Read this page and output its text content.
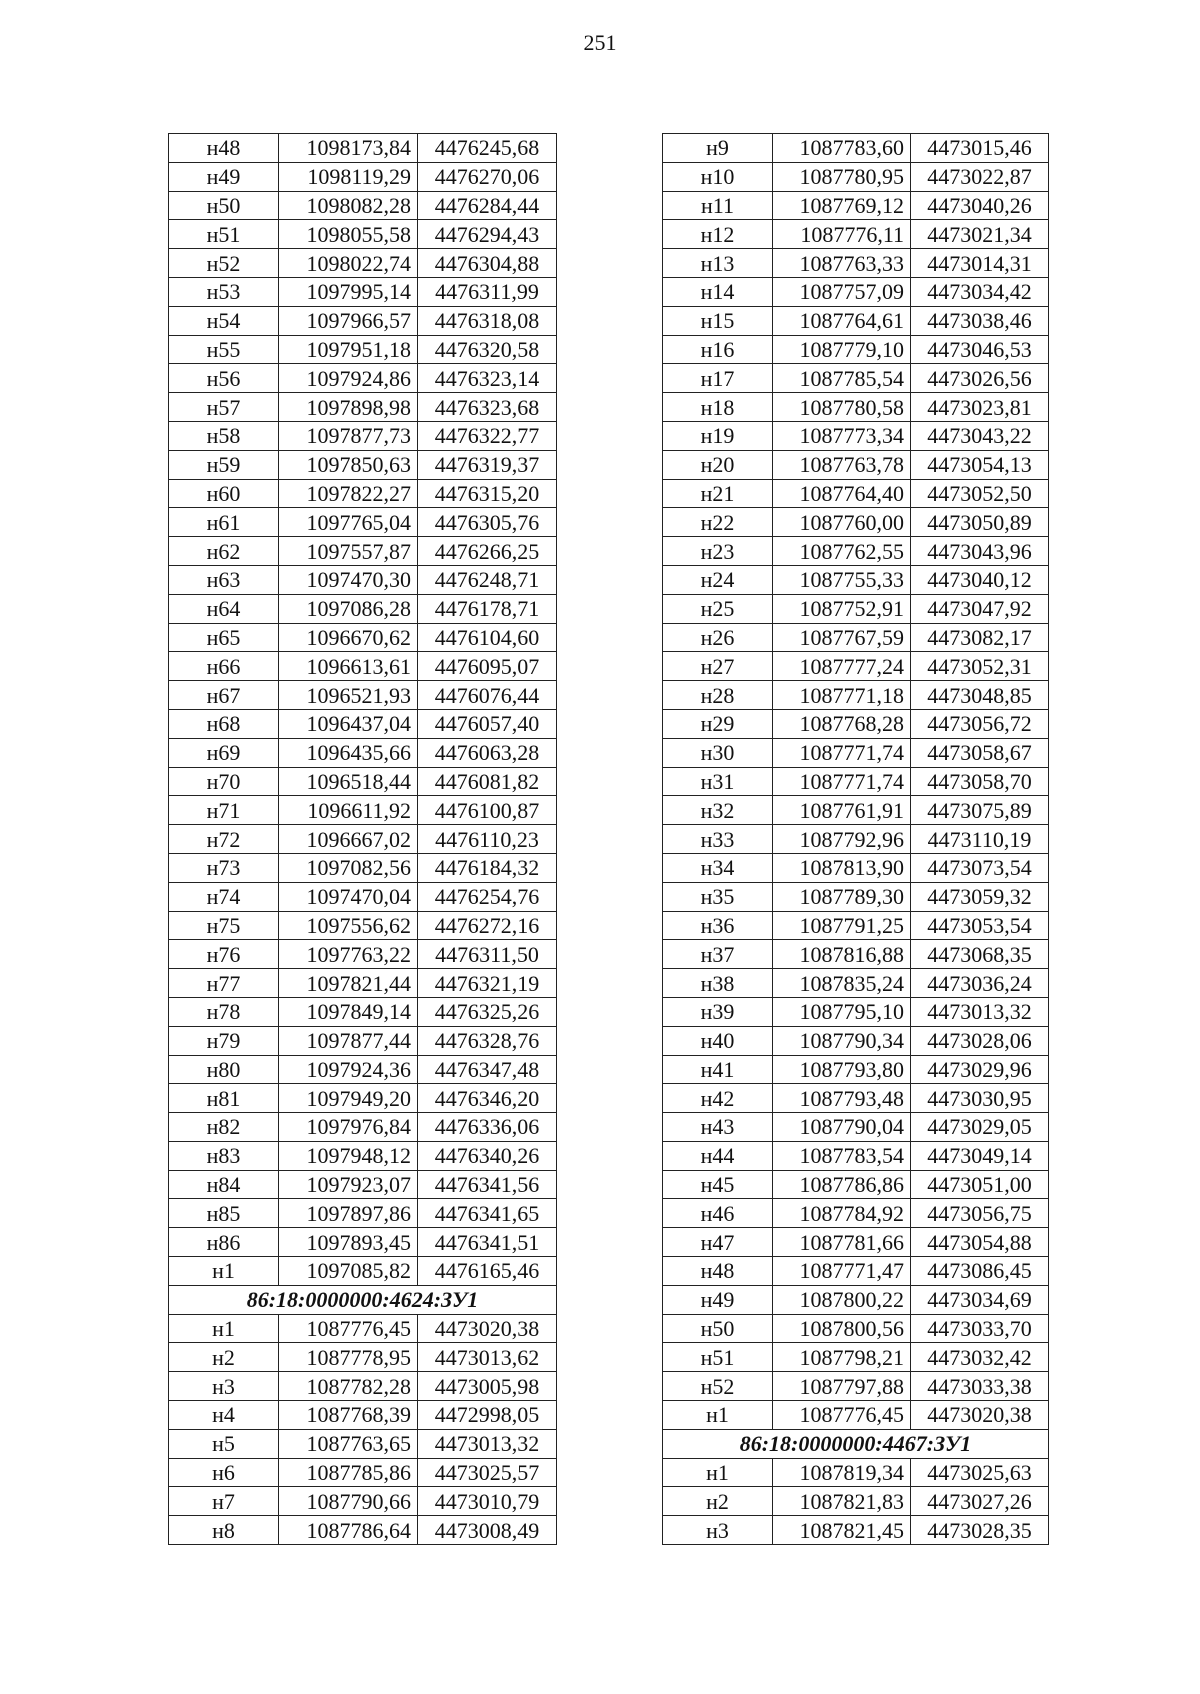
251
н48	1098173,84	4476245,68
н49	1098119,29	4476270,06
н50	1098082,28	4476284,44
н51	1098055,58	4476294,43
н52	1098022,74	4476304,88
н53	1097995,14	4476311,99
н54	1097966,57	4476318,08
н55	1097951,18	4476320,58
н56	1097924,86	4476323,14
н57	1097898,98	4476323,68
н58	1097877,73	4476322,77
н59	1097850,63	4476319,37
н60	1097822,27	4476315,20
н61	1097765,04	4476305,76
н62	1097557,87	4476266,25
н63	1097470,30	4476248,71
н64	1097086,28	4476178,71
н65	1096670,62	4476104,60
н66	1096613,61	4476095,07
н67	1096521,93	4476076,44
н68	1096437,04	4476057,40
н69	1096435,66	4476063,28
н70	1096518,44	4476081,82
н71	1096611,92	4476100,87
н72	1096667,02	4476110,23
н73	1097082,56	4476184,32
н74	1097470,04	4476254,76
н75	1097556,62	4476272,16
н76	1097763,22	4476311,50
н77	1097821,44	4476321,19
н78	1097849,14	4476325,26
н79	1097877,44	4476328,76
н80	1097924,36	4476347,48
н81	1097949,20	4476346,20
н82	1097976,84	4476336,06
н83	1097948,12	4476340,26
н84	1097923,07	4476341,56
н85	1097897,86	4476341,65
н86	1097893,45	4476341,51
н1	1097085,82	4476165,46
86:18:0000000:4624:ЗУ1		
н1	1087776,45	4473020,38
н2	1087778,95	4473013,62
н3	1087782,28	4473005,98
н4	1087768,39	4472998,05
н5	1087763,65	4473013,32
н6	1087785,86	4473025,57
н7	1087790,66	4473010,79
н8	1087786,64	4473008,49
н9	1087783,60	4473015,46
н10	1087780,95	4473022,87
н11	1087769,12	4473040,26
н12	1087776,11	4473021,34
н13	1087763,33	4473014,31
н14	1087757,09	4473034,42
н15	1087764,61	4473038,46
н16	1087779,10	4473046,53
н17	1087785,54	4473026,56
н18	1087780,58	4473023,81
н19	1087773,34	4473043,22
н20	1087763,78	4473054,13
н21	1087764,40	4473052,50
н22	1087760,00	4473050,89
н23	1087762,55	4473043,96
н24	1087755,33	4473040,12
н25	1087752,91	4473047,92
н26	1087767,59	4473082,17
н27	1087777,24	4473052,31
н28	1087771,18	4473048,85
н29	1087768,28	4473056,72
н30	1087771,74	4473058,67
н31	1087771,74	4473058,70
н32	1087761,91	4473075,89
н33	1087792,96	4473110,19
н34	1087813,90	4473073,54
н35	1087789,30	4473059,32
н36	1087791,25	4473053,54
н37	1087816,88	4473068,35
н38	1087835,24	4473036,24
н39	1087795,10	4473013,32
н40	1087790,34	4473028,06
н41	1087793,80	4473029,96
н42	1087793,48	4473030,95
н43	1087790,04	4473029,05
н44	1087783,54	4473049,14
н45	1087786,86	4473051,00
н46	1087784,92	4473056,75
н47	1087781,66	4473054,88
н48	1087771,47	4473086,45
н49	1087800,22	4473034,69
н50	1087800,56	4473033,70
н51	1087798,21	4473032,42
н52	1087797,88	4473033,38
н1	1087776,45	4473020,38
86:18:0000000:4467:ЗУ1		
н1	1087819,34	4473025,63
н2	1087821,83	4473027,26
н3	1087821,45	4473028,35
